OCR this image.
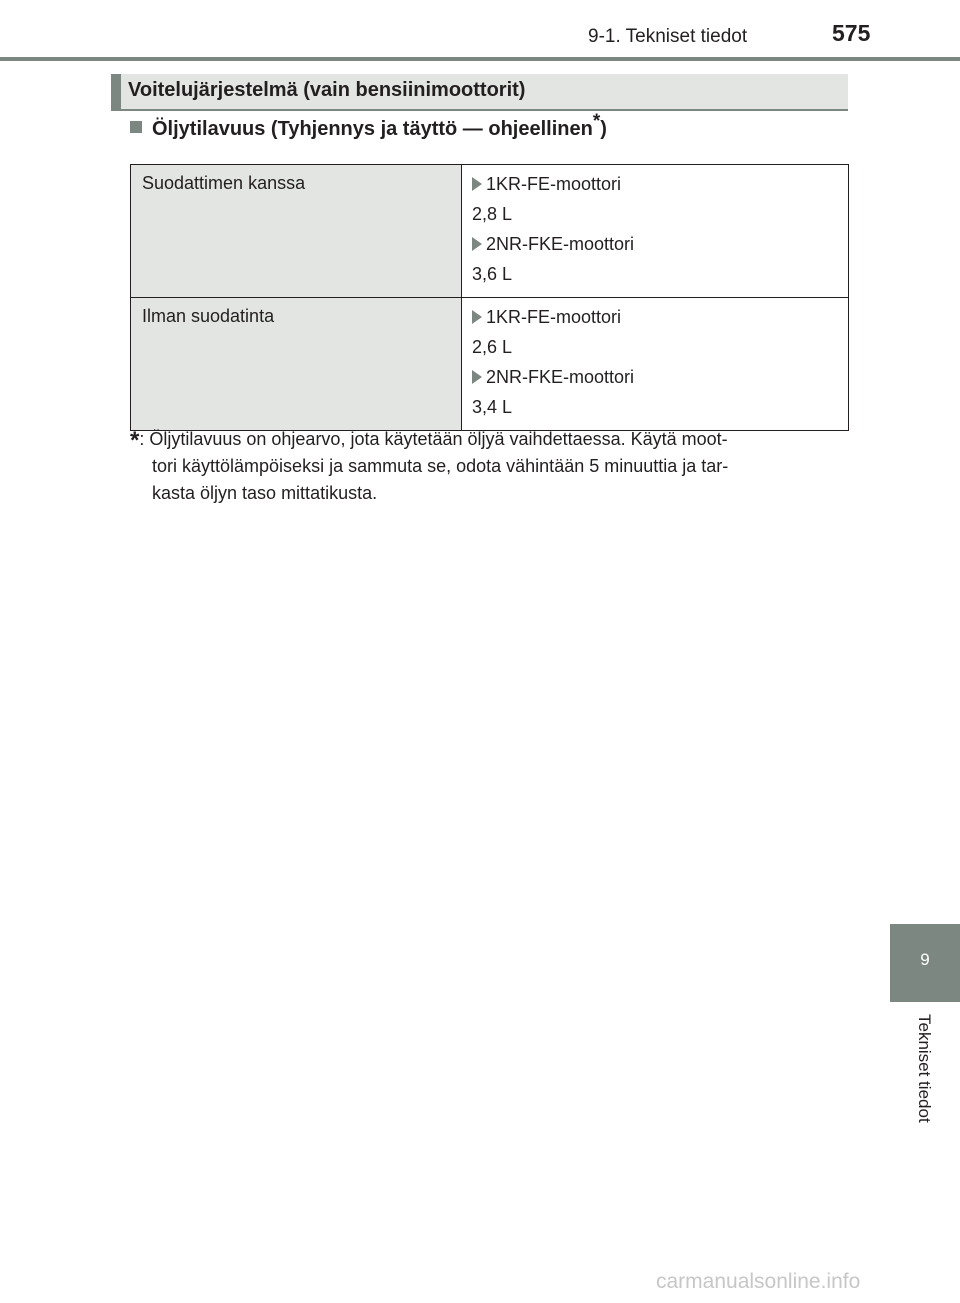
9-1. Tekniset tiedot	575
Voitelujärjestelmä (vain bensiinimoottorit)
Öljytilavuus (Tyhjennys ja täyttö — ohjeellinen*)
Suodattimen kanssa	1KR-FE-moottori
2,8 L
2NR-FKE-moottori
3,6 L

Ilman suodatinta	1KR-FE-moottori
2,6 L
2NR-FKE-moottori
3,4 L
*: Öljytilavuus on ohjearvo, jota käytetään öljyä vaihdettaessa. Käytä moot-
tori käyttölämpöiseksi ja sammuta se, odota vähintään 5 minuuttia ja tar-
kasta öljyn taso mittatikusta.
9
Tekniset tiedot
carmanualsonline.info
